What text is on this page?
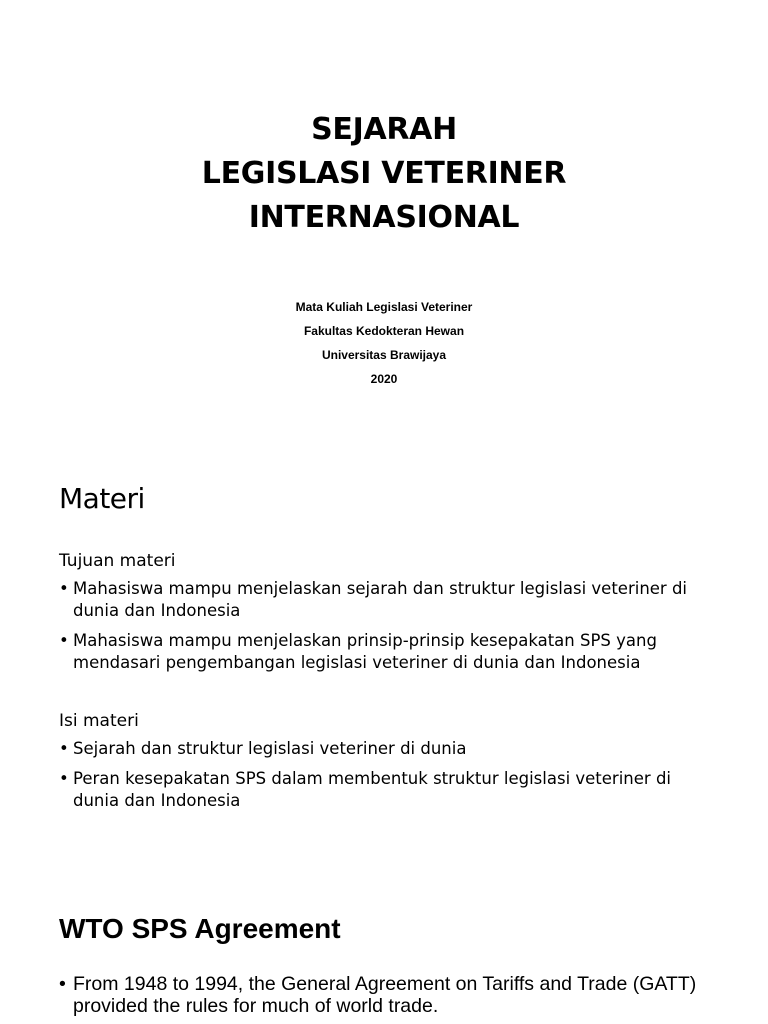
SEJARAH
LEGISLASI VETERINER
INTERNASIONAL
Mata Kuliah Legislasi Veteriner
Fakultas Kedokteran Hewan
Universitas Brawijaya
2020
Materi
Tujuan materi
• Mahasiswa mampu menjelaskan sejarah dan struktur legislasi veteriner di dunia dan Indonesia
• Mahasiswa mampu menjelaskan prinsip-prinsip kesepakatan SPS yang mendasari pengembangan legislasi veteriner di dunia dan Indonesia
Isi materi
• Sejarah dan struktur legislasi veteriner di dunia
• Peran kesepakatan SPS dalam membentuk struktur legislasi veteriner di dunia dan Indonesia
WTO SPS Agreement
• From 1948 to 1994, the General Agreement on Tariffs and Trade (GATT) provided the rules for much of world trade.
